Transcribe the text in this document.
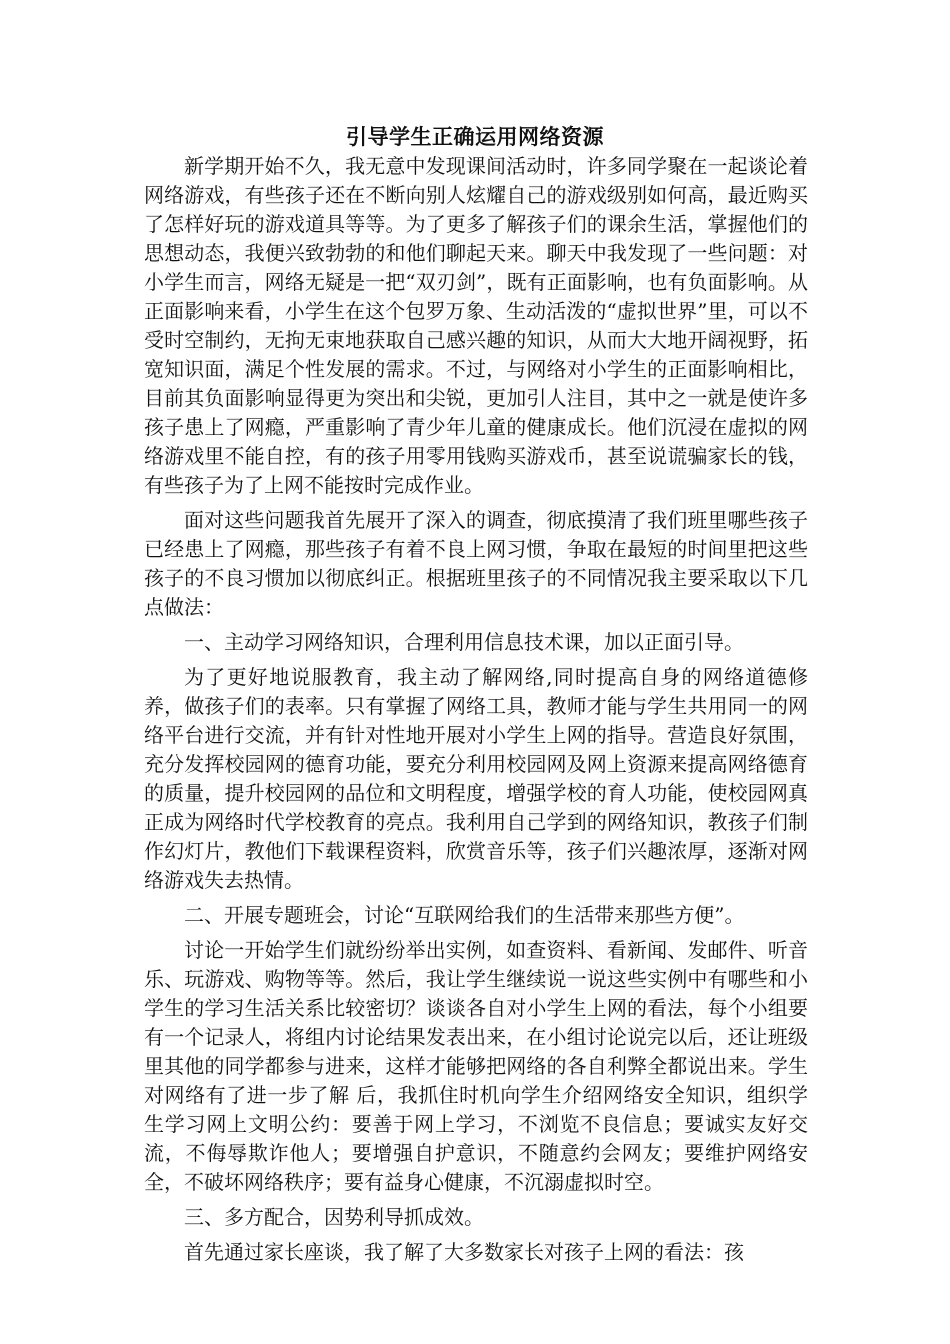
引导学生正确运用网络资源

新学期开始不久，我无意中发现课间活动时，许多同学聚在一起谈论着网络游戏，有些孩子还在不断向别人炫耀自己的游戏级别如何高，最近购买了怎样好玩的游戏道具等等。为了更多了解孩子们的课余生活，掌握他们的思想动态，我便兴致勃勃的和他们聊起天来。聊天中我发现了一些问题：对小学生而言，网络无疑是一把“双刃剑”，既有正面影响，也有负面影响。从正面影响来看，小学生在这个包罗万象、生动活泼的“虚拟世界”里，可以不受时空制约，无拘无束地获取自己感兴趣的知识，从而大大地开阔视野，拓宽知识面，满足个性发展的需求。不过，与网络对小学生的正面影响相比，目前其负面影响显得更为突出和尖锐，更加引人注目，其中之一就是使许多孩子患上了网瘾，严重影响了青少年儿童的健康成长。他们沉浸在虚拟的网络游戏里不能自控，有的孩子用零用钱购买游戏币，甚至说谎骗家长的钱，有些孩子为了上网不能按时完成作业。

面对这些问题我首先展开了深入的调查，彻底摸清了我们班里哪些孩子已经患上了网瘾，那些孩子有着不良上网习惯，争取在最短的时间里把这些孩子的不良习惯加以彻底纠正。根据班里孩子的不同情况我主要采取以下几点做法：

一、主动学习网络知识，合理利用信息技术课，加以正面引导。

为了更好地说服教育，我主动了解网络,同时提高自身的网络道德修养，做孩子们的表率。只有掌握了网络工具，教师才能与学生共用同一的网络平台进行交流，并有针对性地开展对小学生上网的指导。营造良好氛围，充分发挥校园网的德育功能，要充分利用校园网及网上资源来提高网络德育的质量，提升校园网的品位和文明程度，增强学校的育人功能，使校园网真正成为网络时代学校教育的亮点。我利用自己学到的网络知识，教孩子们制作幻灯片，教他们下载课程资料，欣赏音乐等，孩子们兴趣浓厚，逐渐对网络游戏失去热情。

二、开展专题班会，讨论“互联网给我们的生活带来那些方便”。

讨论一开始学生们就纷纷举出实例，如查资料、看新闻、发邮件、听音乐、玩游戏、购物等等。然后，我让学生继续说一说这些实例中有哪些和小学生的学习生活关系比较密切？谈谈各自对小学生上网的看法，每个小组要有一个记录人，将组内讨论结果发表出来，在小组讨论说完以后，还让班级里其他的同学都参与进来，这样才能够把网络的各自利弊全都说出来。学生对网络有了进一步了解 后，我抓住时机向学生介绍网络安全知识，组织学生学习网上文明公约：要善于网上学习，不浏览不良信息；要诚实友好交流，不侮辱欺诈他人；要增强自护意识，不随意约会网友；要维护网络安全，不破坏网络秩序；要有益身心健康，不沉溺虚拟时空。

三、多方配合，因势利导抓成效。

首先通过家长座谈，我了解了大多数家长对孩子上网的看法：孩
